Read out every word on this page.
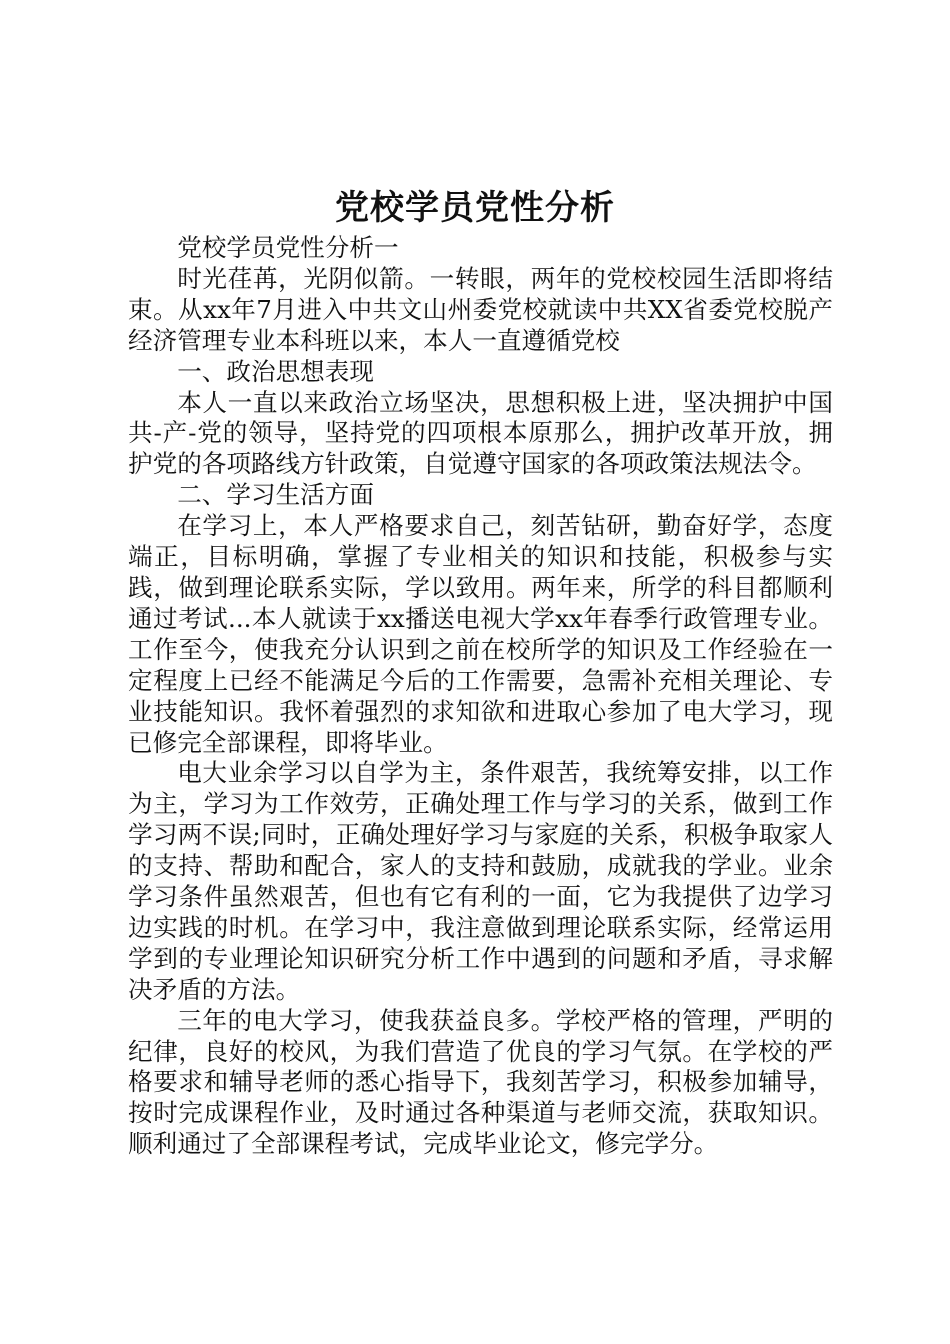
党校学员党性分析

党校学员党性分析一

时光荏苒，光阴似箭。一转眼，两年的党校校园生活即将结束。从xx年7月进入中共文山州委党校就读中共XX省委党校脱产经济管理专业本科班以来，本人一直遵循党校

一、政治思想表现

本人一直以来政治立场坚决，思想积极上进，坚决拥护中国共-产-党的领导，坚持党的四项根本原那么，拥护改革开放，拥护党的各项路线方针政策，自觉遵守国家的各项政策法规法令。

二、学习生活方面

在学习上，本人严格要求自己，刻苦钻研，勤奋好学，态度端正，目标明确，掌握了专业相关的知识和技能，积极参与实践，做到理论联系实际，学以致用。两年来，所学的科目都顺利通过考试...本人就读于xx播送电视大学xx年春季行政管理专业。工作至今，使我充分认识到之前在校所学的知识及工作经验在一定程度上已经不能满足今后的工作需要，急需补充相关理论、专业技能知识。我怀着强烈的求知欲和进取心参加了电大学习，现已修完全部课程，即将毕业。

电大业余学习以自学为主，条件艰苦，我统筹安排，以工作为主，学习为工作效劳，正确处理工作与学习的关系，做到工作学习两不误;同时，正确处理好学习与家庭的关系，积极争取家人的支持、帮助和配合，家人的支持和鼓励，成就我的学业。业余学习条件虽然艰苦，但也有它有利的一面，它为我提供了边学习边实践的时机。在学习中，我注意做到理论联系实际，经常运用学到的专业理论知识研究分析工作中遇到的问题和矛盾，寻求解决矛盾的方法。

三年的电大学习，使我获益良多。学校严格的管理，严明的纪律，良好的校风，为我们营造了优良的学习气氛。在学校的严格要求和辅导老师的悉心指导下，我刻苦学习，积极参加辅导，按时完成课程作业，及时通过各种渠道与老师交流，获取知识。顺利通过了全部课程考试，完成毕业论文，修完学分。
